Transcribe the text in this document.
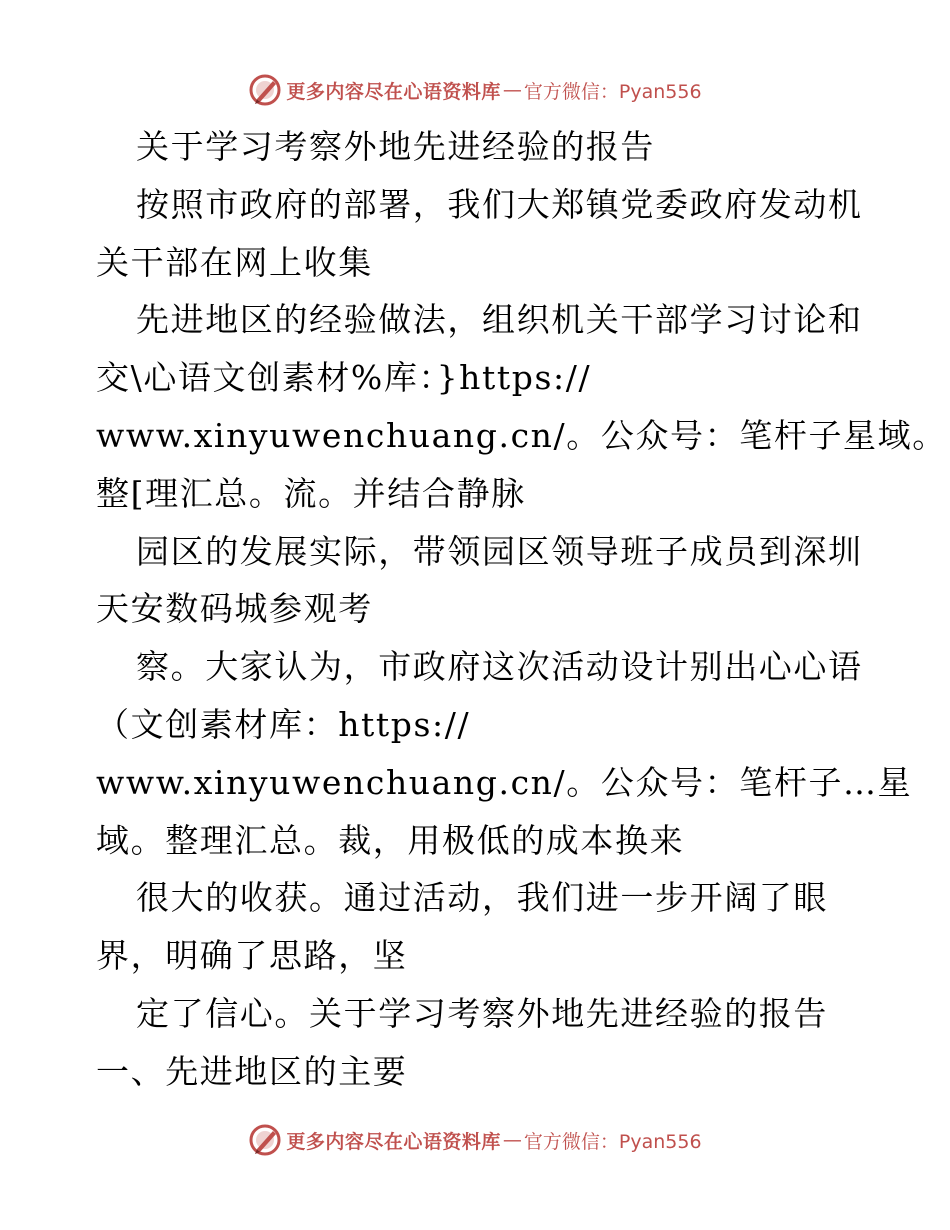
更多内容尽在心语资料库 — 官方微信：Pyan556
关于学习考察外地先进经验的报告
按照市政府的部署，我们大郑镇党委政府发动机
关干部在网上收集
先进地区的经验做法，组织机关干部学习讨论和
交\心语文创素材%库：}https://
www.xinyuwenchuang.cn/。公众号：笔杆子星域。
整[理汇总。流。并结合静脉
园区的发展实际，带领园区领导班子成员到深圳
天安数码城参观考
察。大家认为，市政府这次活动设计别出心心语
（文创素材库：https://
www.xinyuwenchuang.cn/。公众号：笔杆子…星
域。整理汇总。裁，用极低的成本换来
很大的收获。通过活动，我们进一步开阔了眼
界，明确了思路，坚
定了信心。关于学习考察外地先进经验的报告
一、先进地区的主要
更多内容尽在心语资料库 — 官方微信：Pyan556
